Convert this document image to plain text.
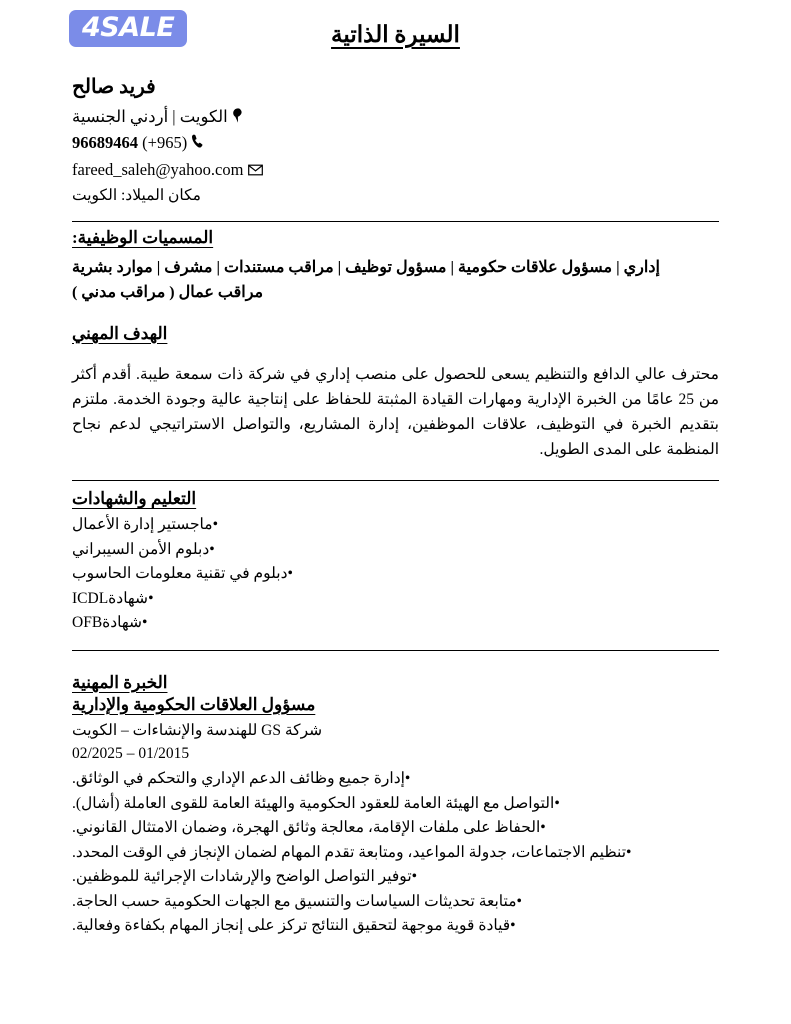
السيرة الذاتية
4SALE
فريد صالح
الكويت | أردني الجنسية
(965+) 96689464
fareed_saleh@yahoo.com
مكان الميلاد: الكويت
المسميات الوظيفية:
إداري | مسؤول علاقات حكومية | مسؤول توظيف | مراقب مستندات | مشرف | موارد بشرية
مراقب عمال ( مراقب مدني )
الهدف المهني
محترف عالي الدافع والتنظيم يسعى للحصول على منصب إداري في شركة ذات سمعة طيبة. أقدم أكثر من 25 عامًا من الخبرة الإدارية ومهارات القيادة المثبتة للحفاظ على إنتاجية عالية وجودة الخدمة. ملتزم بتقديم الخبرة في التوظيف، علاقات الموظفين، إدارة المشاريع، والتواصل الاستراتيجي لدعم نجاح المنظمة على المدى الطويل.
التعليم والشهادات
• ماجستير إدارة الأعمال
• دبلوم الأمن السيبراني
• دبلوم في تقنية معلومات الحاسوب
• شهادةICDL
• شهادةOFB
الخبرة المهنية
مسؤول العلاقات الحكومية والإدارية
شركة GS للهندسة والإنشاءات – الكويت
01/2015 – 02/2025
• إدارة جميع وظائف الدعم الإداري والتحكم في الوثائق.
• التواصل مع الهيئة العامة للعقود الحكومية والهيئة العامة للقوى العاملة (أشال).
• الحفاظ على ملفات الإقامة، معالجة وثائق الهجرة، وضمان الامتثال القانوني.
• تنظيم الاجتماعات، جدولة المواعيد، ومتابعة تقدم المهام لضمان الإنجاز في الوقت المحدد.
• توفير التواصل الواضح والإرشادات الإجرائية للموظفين.
• متابعة تحديثات السياسات والتنسيق مع الجهات الحكومية حسب الحاجة.
• قيادة قوية موجهة لتحقيق النتائج تركز على إنجاز المهام بكفاءة وفعالية.
